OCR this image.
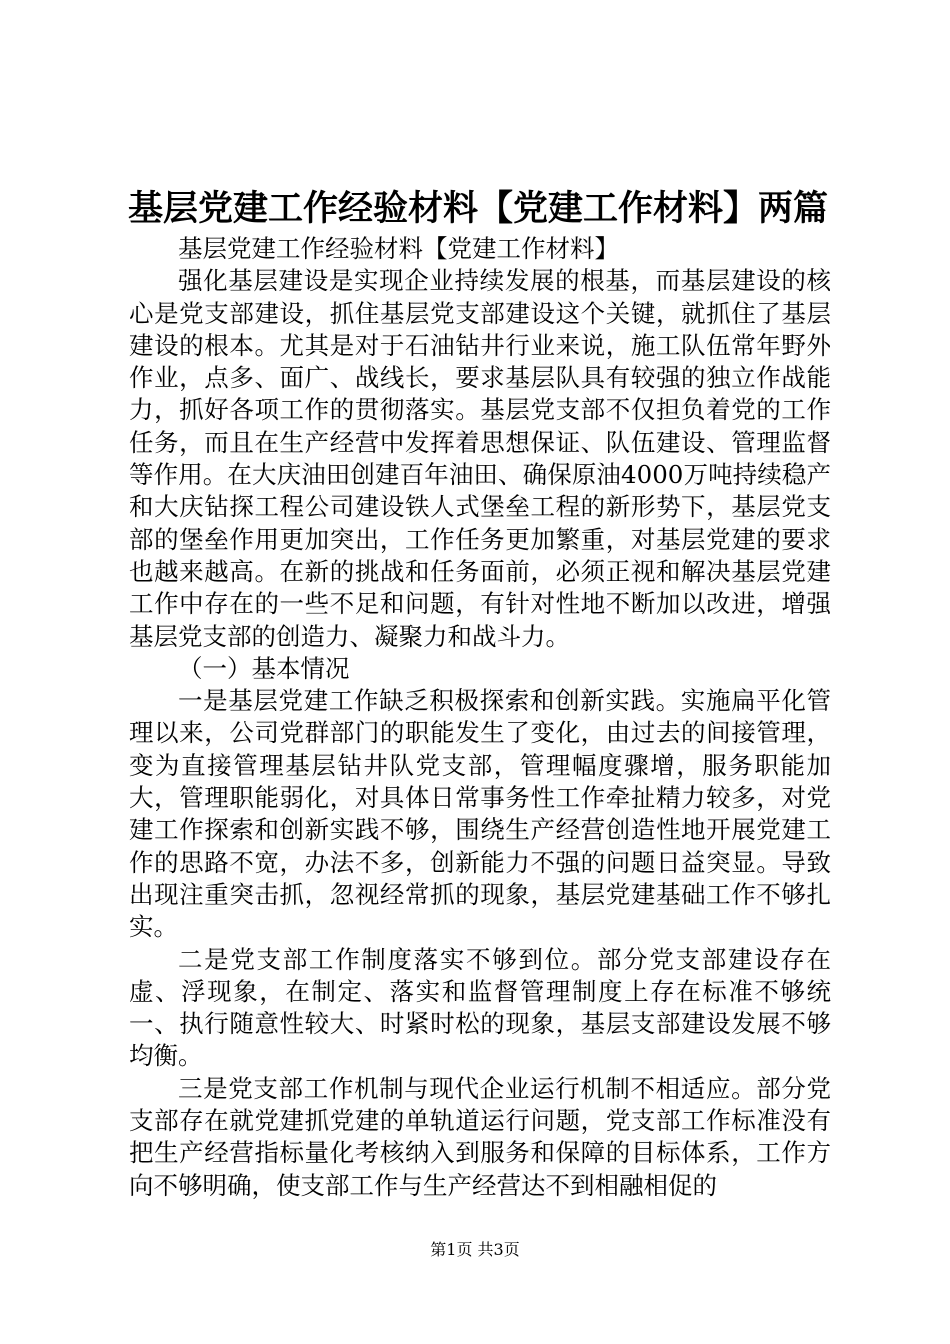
基层党建工作经验材料【党建工作材料】两篇

基层党建工作经验材料【党建工作材料】

强化基层建设是实现企业持续发展的根基，而基层建设的核心是党支部建设，抓住基层党支部建设这个关键，就抓住了基层建设的根本。尤其是对于石油钻井行业来说，施工队伍常年野外作业，点多、面广、战线长，要求基层队具有较强的独立作战能力，抓好各项工作的贯彻落实。基层党支部不仅担负着党的工作任务，而且在生产经营中发挥着思想保证、队伍建设、管理监督等作用。在大庆油田创建百年油田、确保原油4000万吨持续稳产和大庆钻探工程公司建设铁人式堡垒工程的新形势下，基层党支部的堡垒作用更加突出，工作任务更加繁重，对基层党建的要求也越来越高。在新的挑战和任务面前，必须正视和解决基层党建工作中存在的一些不足和问题，有针对性地不断加以改进，增强基层党支部的创造力、凝聚力和战斗力。

（一）基本情况

一是基层党建工作缺乏积极探索和创新实践。实施扁平化管理以来，公司党群部门的职能发生了变化，由过去的间接管理，变为直接管理基层钻井队党支部，管理幅度骤增，服务职能加大，管理职能弱化，对具体日常事务性工作牵扯精力较多，对党建工作探索和创新实践不够，围绕生产经营创造性地开展党建工作的思路不宽，办法不多，创新能力不强的问题日益突显。导致出现注重突击抓，忽视经常抓的现象，基层党建基础工作不够扎实。

二是党支部工作制度落实不够到位。部分党支部建设存在虚、浮现象，在制定、落实和监督管理制度上存在标准不够统一、执行随意性较大、时紧时松的现象，基层支部建设发展不够均衡。

三是党支部工作机制与现代企业运行机制不相适应。部分党支部存在就党建抓党建的单轨道运行问题，党支部工作标准没有把生产经营指标量化考核纳入到服务和保障的目标体系，工作方向不够明确，使支部工作与生产经营达不到相融相促的

第1页 共3页
